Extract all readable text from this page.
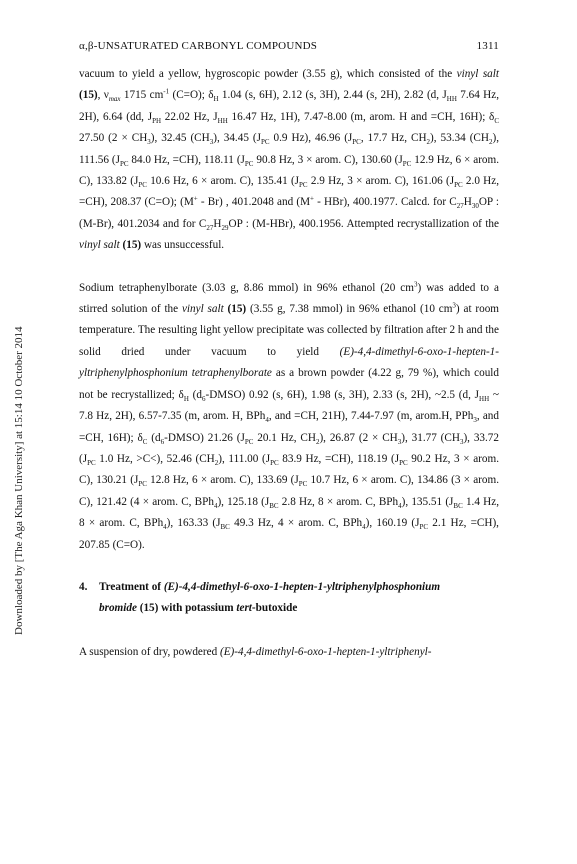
Downloaded by [The Aga Khan University] at 15:14 10 October 2014
α,β-UNSATURATED CARBONYL COMPOUNDS	1311

vacuum to yield a yellow, hygroscopic powder (3.55 g), which consisted of the vinyl salt (15), $\nu_{max}$ 1715 $cm^{-1}$ (C=O); $\delta_H$ 1.04 (s, 6H), 2.12 (s, 3H), 2.44 (s, 2H), 2.82 (d, $J_{HH}$ 7.64 Hz, 2H), 6.64 (dd, $J_{PH}$ 22.02 Hz, $J_{HH}$ 16.47 Hz, 1H), 7.47-8.00 (m, arom. H and =CH, 16H); $\delta_C$ 27.50 $(2 \times CH_3)$, 32.45 $(CH_3)$, 34.45 ($J_{PC}$ 0.9 Hz), 46.96 ($J_{PC}$, 17.7 Hz, $CH_2$), 53.34 $(CH_2)$, 111.56 ($J_{PC}$ 84.0 Hz, =CH), 118.11 ($J_{PC}$ 90.8 Hz, 3 × arom. C), 130.60 ($J_{PC}$ 12.9 Hz, 6 × arom. C), 133.82 ($J_{PC}$ 10.6 Hz, 6 × arom. C), 135.41 ($J_{PC}$ 2.9 Hz, 3 × arom. C), 161.06 ($J_{PC}$ 2.0 Hz, =CH), 208.37 (C=O); (M+ - Br) , 401.2048 and (M+ - HBr), 400.1977. Calcd. for $C_{27}H_{30}OP$ : (M-Br), 401.2034 and for $C_{27}H_{29}OP$ : (M-HBr), 400.1956. Attempted recrystallization of the vinyl salt (15) was unsuccessful.

Sodium tetraphenylborate (3.03 g, 8.86 mmol) in 96% ethanol (20 $cm^3$) was added to a stirred solution of the vinyl salt (15) (3.55 g, 7.38 mmol) in 96% ethanol (10 $cm^3$) at room temperature. The resulting light yellow precipitate was collected by filtration after 2 h and the solid dried under vacuum to yield (E)-4,4-dimethyl-6-oxo-1-hepten-1-yltriphenylphosphonium tetraphenylborate as a brown powder (4.22 g, 79 %), which could not be recrystallized; $\delta_H$ $(d_6-DMSO)$ 0.92 (s, 6H), 1.98 (s, 3H), 2.33 (s, 2H), ~2.5 (d, $J_{HH}$ ~ 7.8 Hz, 2H), 6.57-7.35 (m, arom. H, BPh$_4$, and =CH, 21H), 7.44-7.97 (m, arom.H, PPh$_3$, and =CH, 16H); $\delta_C$ $(d_6-DMSO)$ 21.26 ($J_{PC}$ 20.1 Hz, $CH_2$), 26.87 $(2 \times CH_3)$, 31.77 $(CH_3)$, 33.72 ($J_{PC}$ 1.0 Hz, >C<), 52.46 $(CH_2)$, 111.00 ($J_{PC}$ 83.9 Hz, =CH), 118.19 ($J_{PC}$ 90.2 Hz, 3 × arom. C), 130.21 ($J_{PC}$ 12.8 Hz, 6 × arom. C), 133.69 ($J_{PC}$ 10.7 Hz, 6 × arom. C), 134.86 (3 × arom. C), 121.42 (4 × arom. C, BPh$_4$), 125.18 ($J_{BC}$ 2.8 Hz, 8 × arom. C, BPh$_4$), 135.51 ($J_{BC}$ 1.4 Hz, 8 × arom. C, BPh$_4$), 163.33 ($J_{BC}$ 49.3 Hz, 4 × arom. C, BPh$_4$), 160.19 ($J_{PC}$ 2.1 Hz, =CH), 207.85 (C=O).

4. Treatment of (E)-4,4-dimethyl-6-oxo-1-hepten-1-yltriphenylphosphonium
bromide (15) with potassium tert-butoxide

A suspension of dry, powdered (E)-4,4-dimethyl-6-oxo-1-hepten-1-yltriphenyl-
